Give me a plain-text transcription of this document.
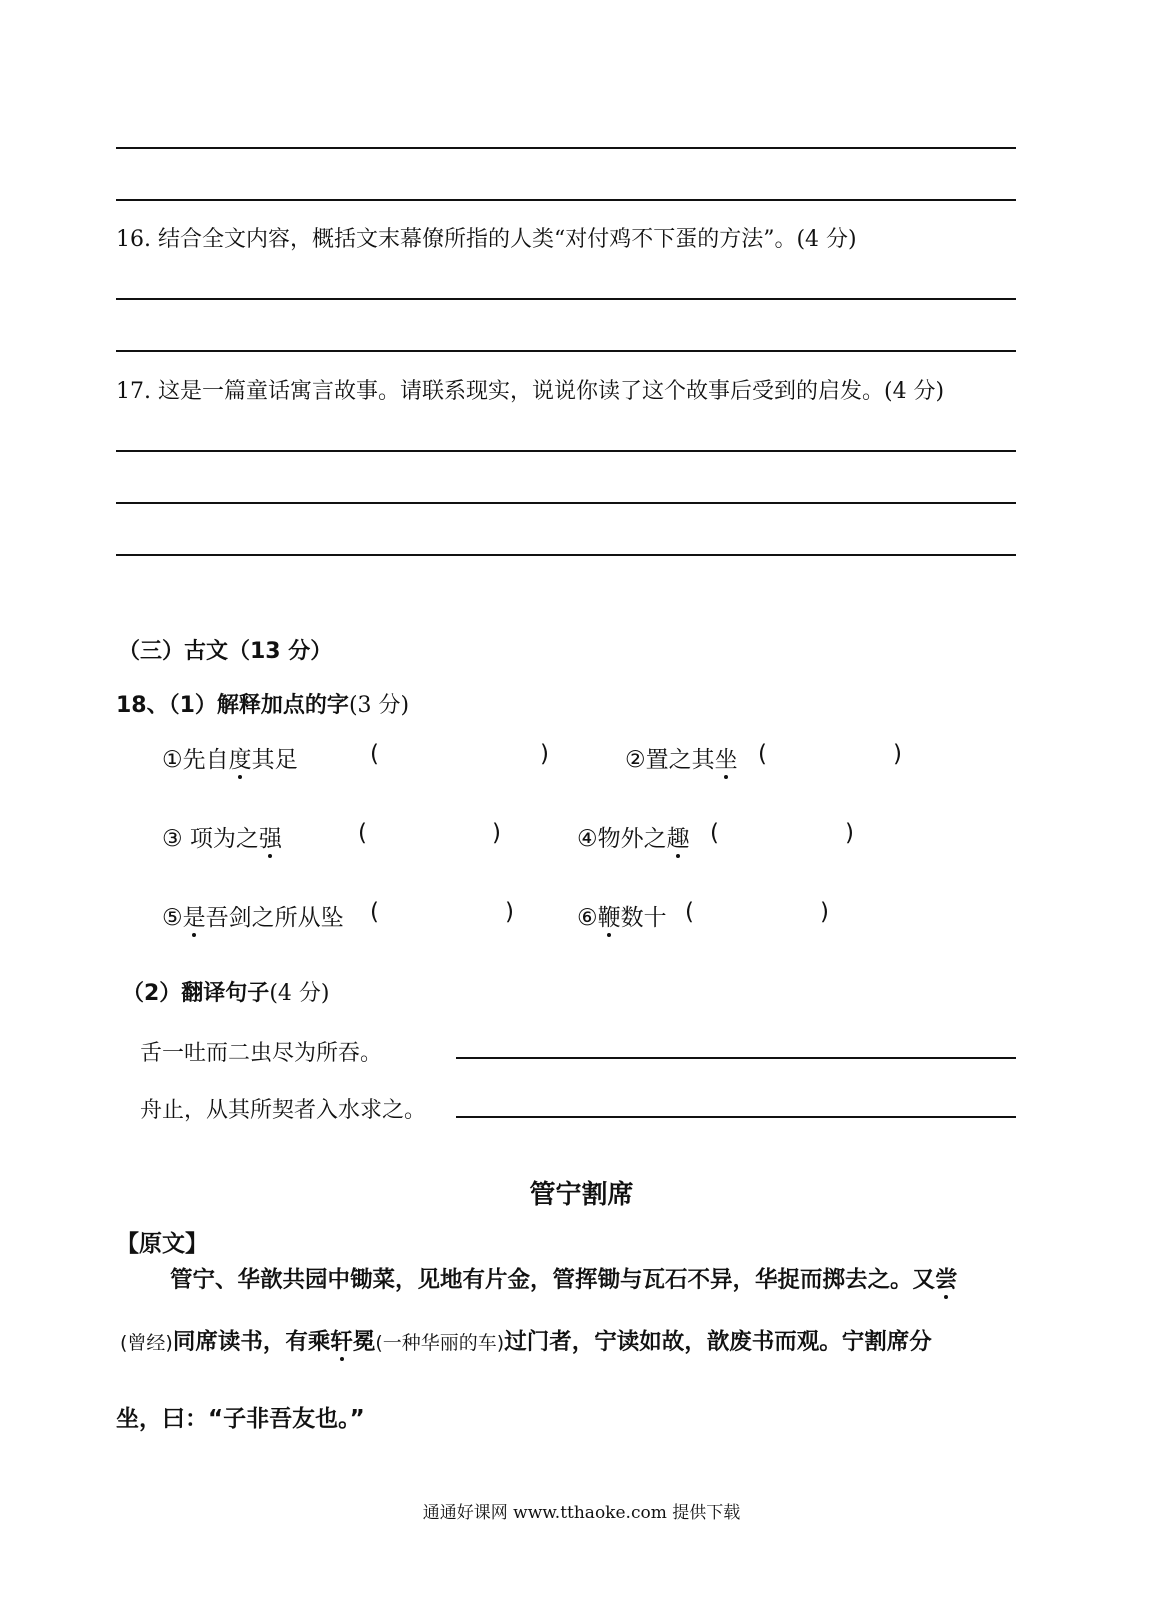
16. 结合全文内容，概括文末幕僚所指的人类“对付鸡不下蛋的方法”。(4 分)
17. 这是一篇童话寓言故事。请联系现实，说说你读了这个故事后受到的启发。(4 分)
（三）古文（13 分）
18、（1）解释加点的字(3 分)
①先自度其足	(	)	②置之其坐 (	)
③ 项为之强	(	)	④物外之趣 (	)
⑤是吾剑之所从坠 (	)	⑥鞭数十 (	)
（2）翻译句子(4 分)
舌一吐而二虫尽为所吞。
舟止，从其所契者入水求之。
管宁割席
【原文】
管宁、华歆共园中锄菜，见地有片金，管挥锄与瓦石不异，华捉而掷去之。又尝
(曾经)同席读书，有乘轩冕(一种华丽的车)过门者，宁读如故，歆废书而观。宁割席分
坐，曰：“子非吾友也。”
通通好课网 www.tthaoke.com 提供下载
